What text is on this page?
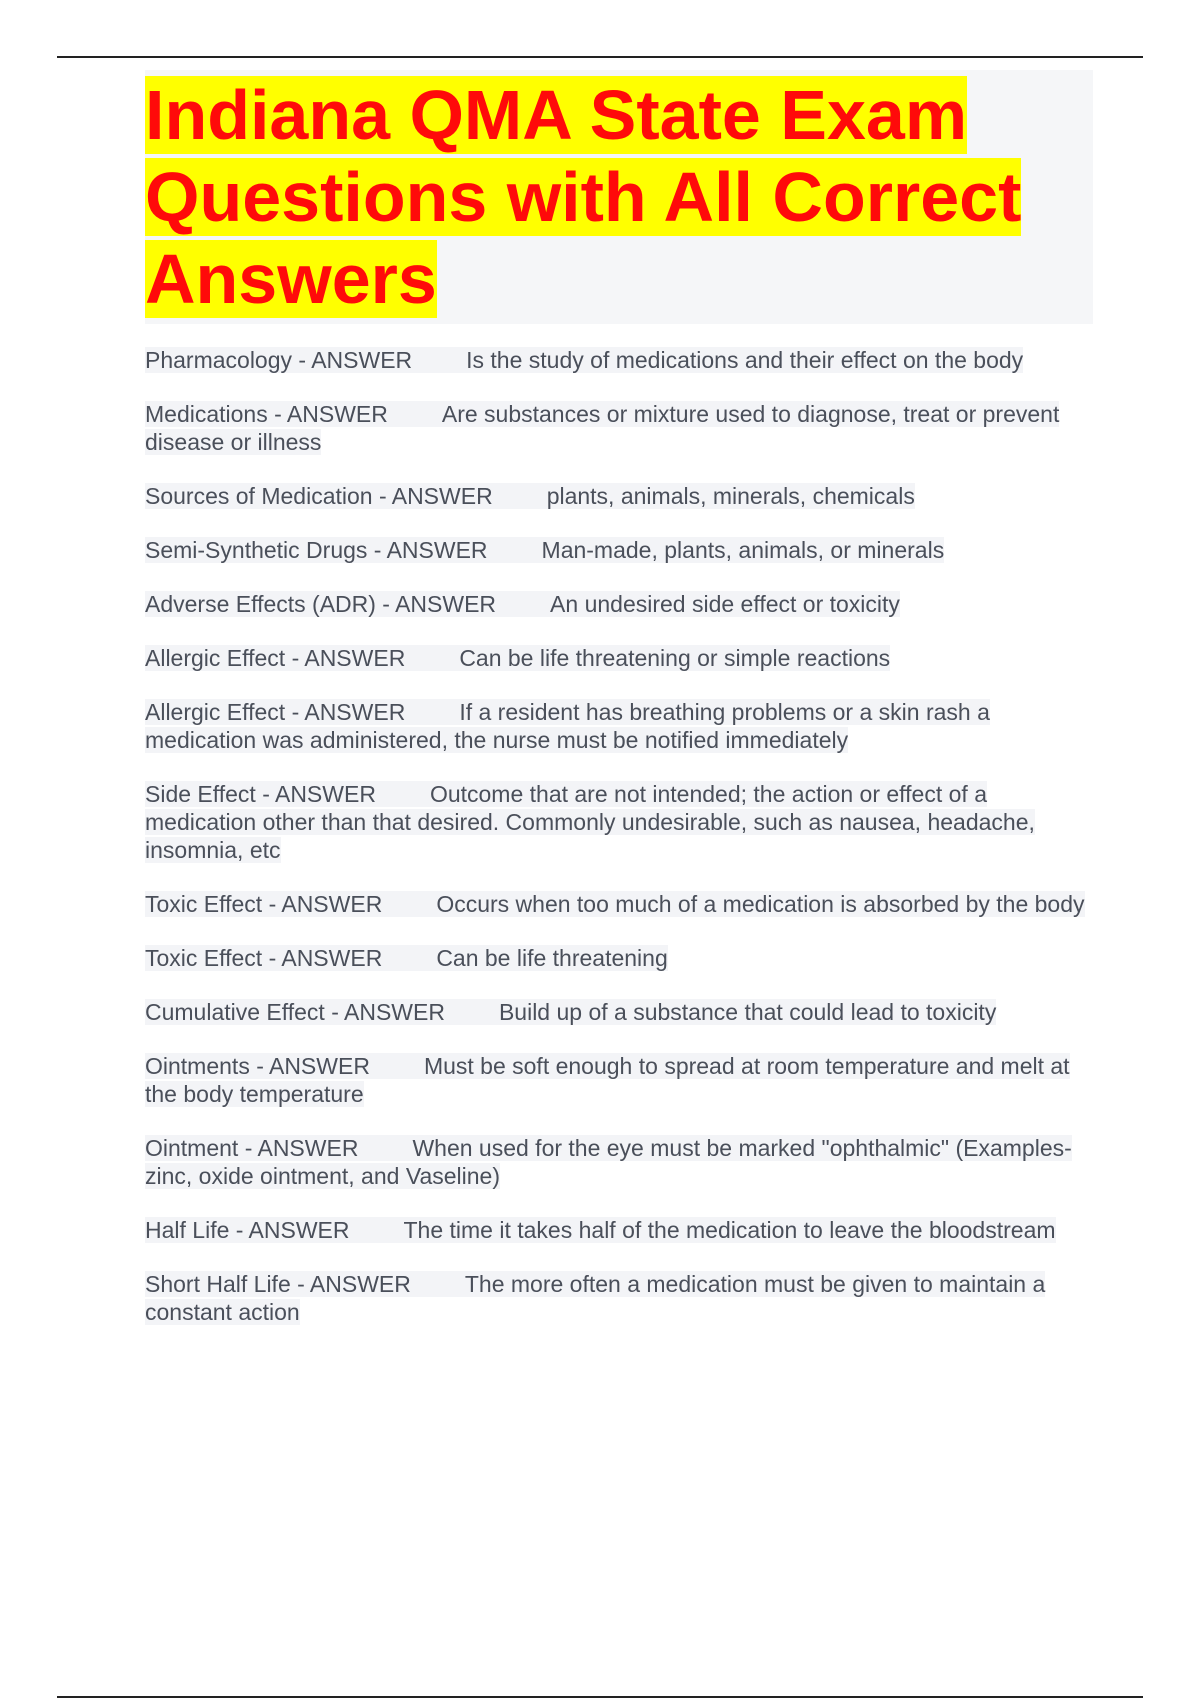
Indiana QMA State Exam Questions with All Correct Answers

Pharmacology - ANSWER Is the study of medications and their effect on the body

Medications - ANSWER Are substances or mixture used to diagnose, treat or prevent disease or illness

Sources of Medication - ANSWER plants, animals, minerals, chemicals

Semi-Synthetic Drugs - ANSWER Man-made, plants, animals, or minerals

Adverse Effects (ADR) - ANSWER An undesired side effect or toxicity

Allergic Effect - ANSWER Can be life threatening or simple reactions

Allergic Effect - ANSWER If a resident has breathing problems or a skin rash a medication was administered, the nurse must be notified immediately

Side Effect - ANSWER Outcome that are not intended; the action or effect of a medication other than that desired. Commonly undesirable, such as nausea, headache, insomnia, etc

Toxic Effect - ANSWER Occurs when too much of a medication is absorbed by the body

Toxic Effect - ANSWER Can be life threatening

Cumulative Effect - ANSWER Build up of a substance that could lead to toxicity

Ointments - ANSWER Must be soft enough to spread at room temperature and melt at the body temperature

Ointment - ANSWER When used for the eye must be marked "ophthalmic" (Examples- zinc, oxide ointment, and Vaseline)

Half Life - ANSWER The time it takes half of the medication to leave the bloodstream

Short Half Life - ANSWER The more often a medication must be given to maintain a constant action
